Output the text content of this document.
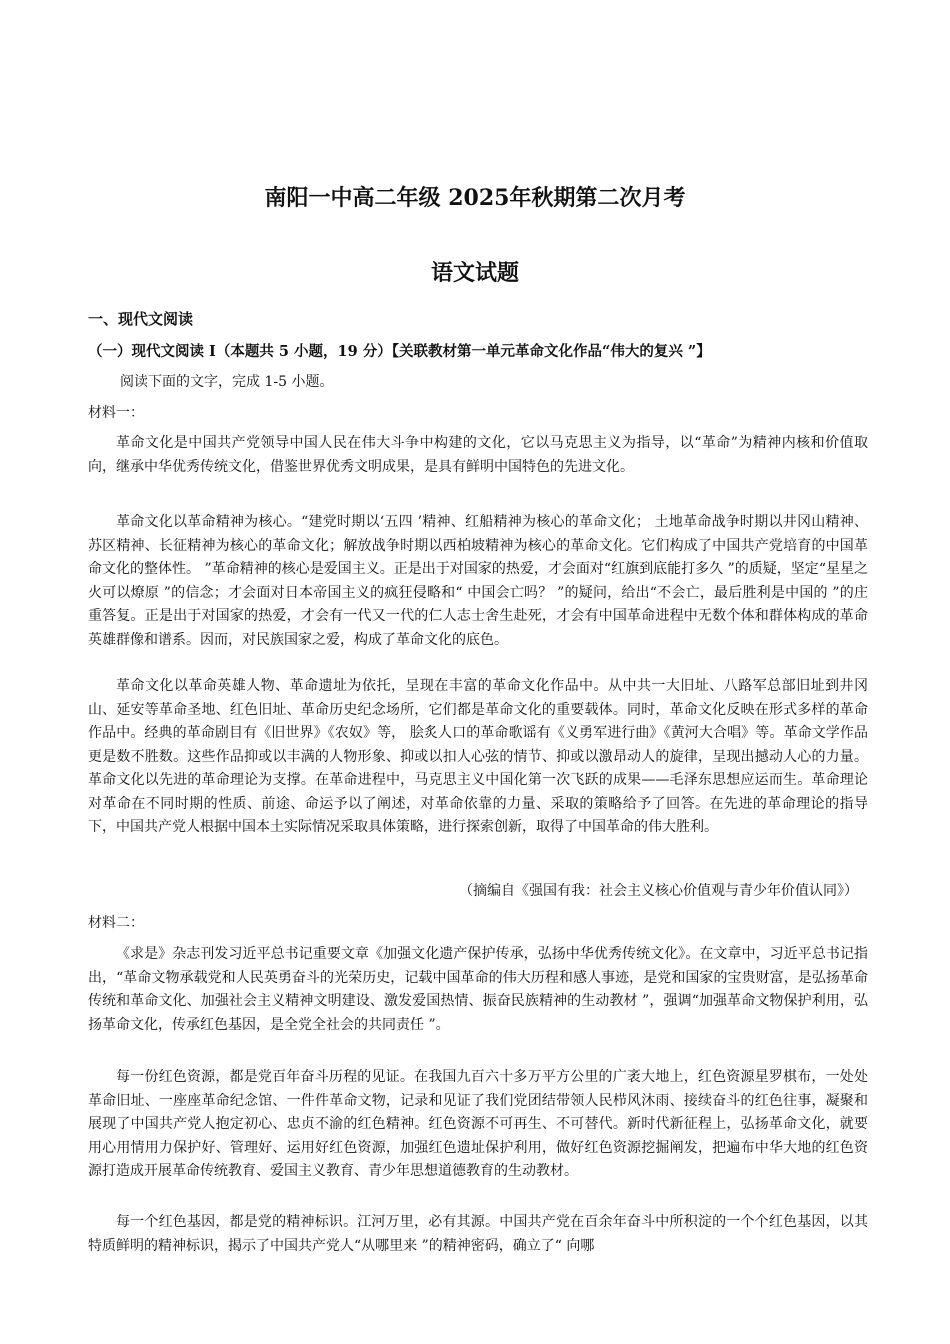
南阳一中高二年级 2025年秋期第二次月考
语文试题
一、现代文阅读
（一）现代文阅读 I（本题共 5 小题，19 分）【关联教材第一单元革命文化作品“伟大的复兴 ”】
阅读下面的文字，完成 1-5 小题。
材料一：

革命文化是中国共产党领导中国人民在伟大斗争中构建的文化，它以马克思主义为指导，以“革命”为精神内核和价值取向，继承中华优秀传统文化，借鉴世界优秀文明成果，是具有鲜明中国特色的先进文化。

革命文化以革命精神为核心。“建党时期以‘五四 ’精神、红船精神为核心的革命文化； 土地革命战争时期以井冈山精神、苏区精神、长征精神为核心的革命文化；解放战争时期以西柏坡精神为核心的革命文化。它们构成了中国共产党培育的中国革命文化的整体性。 ”革命精神的核心是爱国主义。正是出于对国家的热爱，才会面对“红旗到底能打多久 ”的质疑，坚定“星星之火可以燎原 ”的信念；才会面对日本帝国主义的疯狂侵略和“ 中国会亡吗？ ”的疑问，给出“不会亡，最后胜利是中国的 ”的庄重答复。正是出于对国家的热爱，才会有一代又一代的仁人志士舍生赴死，才会有中国革命进程中无数个体和群体构成的革命英雄群像和谱系。因而，对民族国家之爱，构成了革命文化的底色。

革命文化以革命英雄人物、革命遗址为依托，呈现在丰富的革命文化作品中。从中共一大旧址、八路军总部旧址到井冈山、延安等革命圣地、红色旧址、革命历史纪念场所，它们都是革命文化的重要载体。同时，革命文化反映在形式多样的革命作品中。经典的革命剧目有《旧世界》《农奴》等， 脍炙人口的革命歌谣有《义勇军进行曲》《黄河大合唱》等。革命文学作品更是数不胜数。这些作品抑或以丰满的人物形象、抑或以扣人心弦的情节、抑或以激昂动人的旋律，呈现出撼动人心的力量。革命文化以先进的革命理论为支撑。在革命进程中，马克思主义中国化第一次飞跃的成果——毛泽东思想应运而生。革命理论对革命在不同时期的性质、前途、命运予以了阐述，对革命依靠的力量、采取的策略给予了回答。在先进的革命理论的指导下，中国共产党人根据中国本土实际情况采取具体策略，进行探索创新，取得了中国革命的伟大胜利。

（摘编自《强国有我：社会主义核心价值观与青少年价值认同》）
材料二：

《求是》杂志刊发习近平总书记重要文章《加强文化遗产保护传承，弘扬中华优秀传统文化》。在文章中，习近平总书记指出，“革命文物承载党和人民英勇奋斗的光荣历史，记载中国革命的伟大历程和感人事迹，是党和国家的宝贵财富，是弘扬革命传统和革命文化、加强社会主义精神文明建设、激发爱国热情、振奋民族精神的生动教材 ”，强调“加强革命文物保护利用，弘扬革命文化，传承红色基因，是全党全社会的共同责任 ”。

每一份红色资源，都是党百年奋斗历程的见证。在我国九百六十多万平方公里的广袤大地上，红色资源星罗棋布，一处处革命旧址、一座座革命纪念馆、一件件革命文物，记录和见证了我们党团结带领人民栉风沐雨、接续奋斗的红色往事，凝聚和展现了中国共产党人抱定初心、忠贞不渝的红色精神。红色资源不可再生、不可替代。新时代新征程上，弘扬革命文化，就要用心用情用力保护好、管理好、运用好红色资源，加强红色遗址保护利用，做好红色资源挖掘阐发，把遍布中华大地的红色资源打造成开展革命传统教育、爱国主义教育、青少年思想道德教育的生动教材。

每一个红色基因，都是党的精神标识。江河万里，必有其源。中国共产党在百余年奋斗中所积淀的一个个红色基因，以其特质鲜明的精神标识，揭示了中国共产党人“从哪里来 ”的精神密码，确立了“ 向哪
